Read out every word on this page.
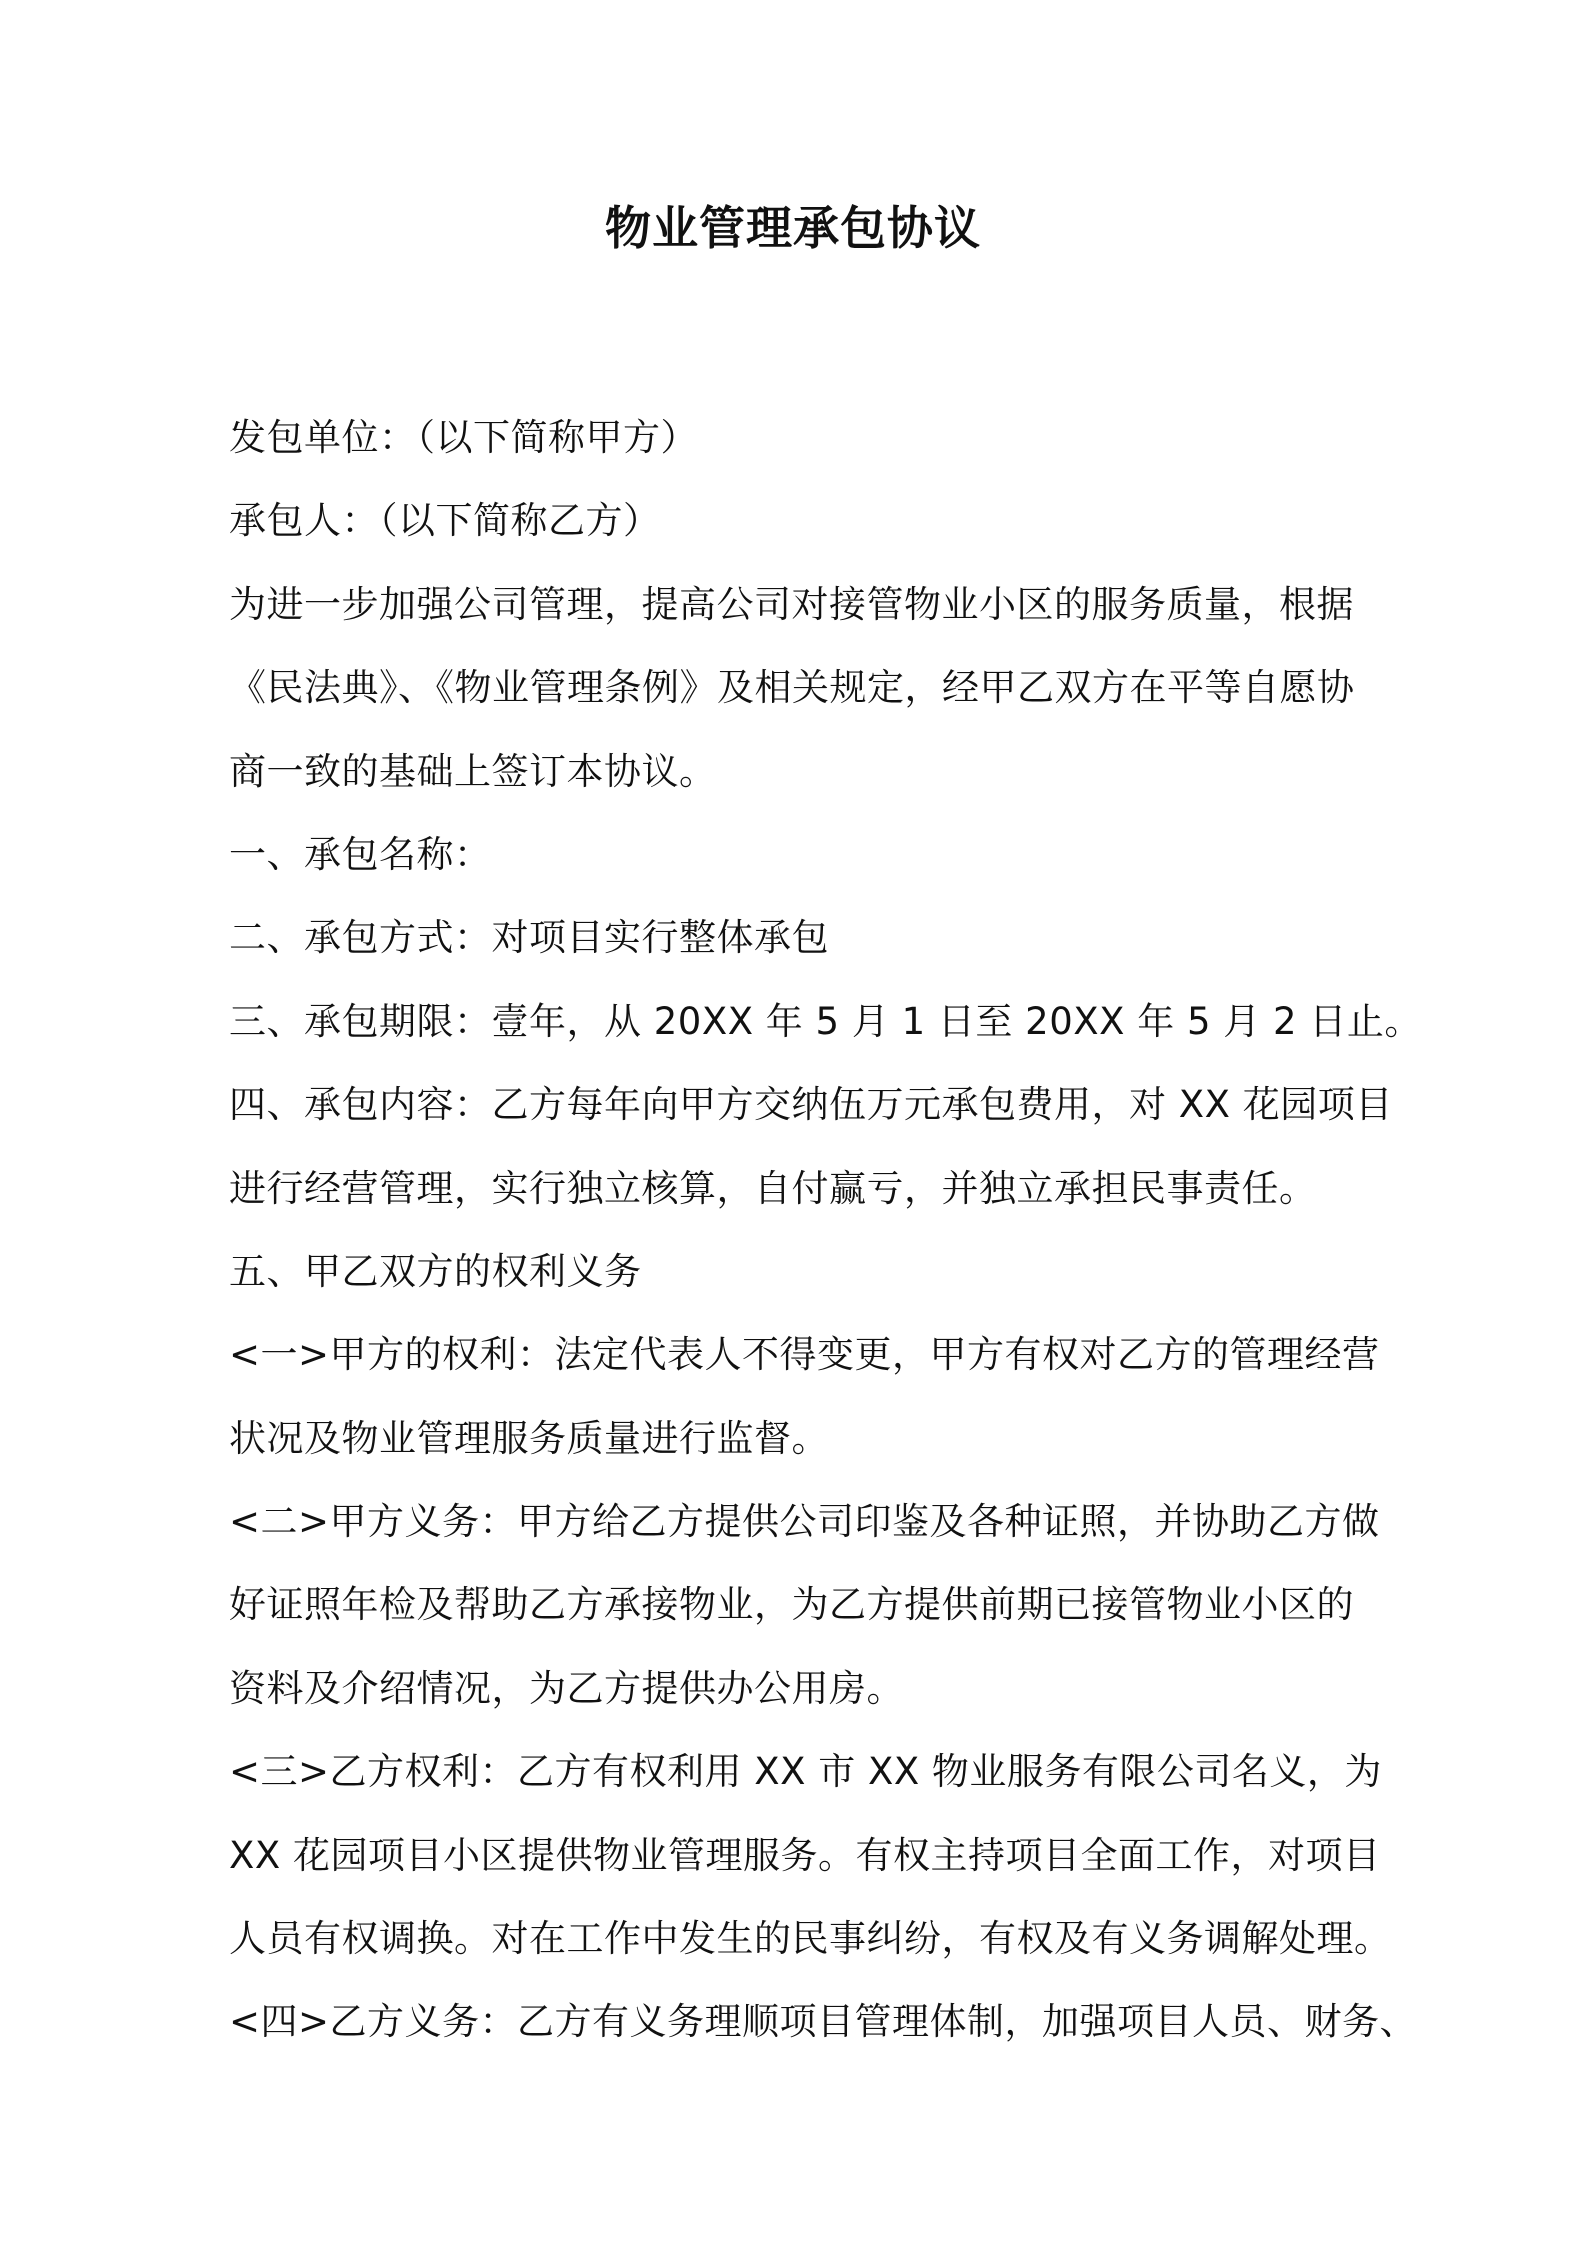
物业管理承包协议
发包单位：（以下简称甲方）
承包人：（以下简称乙方）
为进一步加强公司管理，提高公司对接管物业小区的服务质量，根据
《民法典》、《物业管理条例》及相关规定，经甲乙双方在平等自愿协
商一致的基础上签订本协议。
一、承包名称：
二、承包方式：对项目实行整体承包
三、承包期限：壹年，从 20XX 年 5 月 1 日至 20XX 年 5 月 2 日止。
四、承包内容：乙方每年向甲方交纳伍万元承包费用，对 XX 花园项目
进行经营管理，实行独立核算，自付赢亏，并独立承担民事责任。
五、甲乙双方的权利义务
<一>甲方的权利：法定代表人不得变更，甲方有权对乙方的管理经营
状况及物业管理服务质量进行监督。
<二>甲方义务：甲方给乙方提供公司印鉴及各种证照，并协助乙方做
好证照年检及帮助乙方承接物业，为乙方提供前期已接管物业小区的
资料及介绍情况，为乙方提供办公用房。
<三>乙方权利：乙方有权利用 XX 市 XX 物业服务有限公司名义，为
XX 花园项目小区提供物业管理服务。有权主持项目全面工作，对项目
人员有权调换。对在工作中发生的民事纠纷，有权及有义务调解处理。
<四>乙方义务：乙方有义务理顺项目管理体制，加强项目人员、财务、
